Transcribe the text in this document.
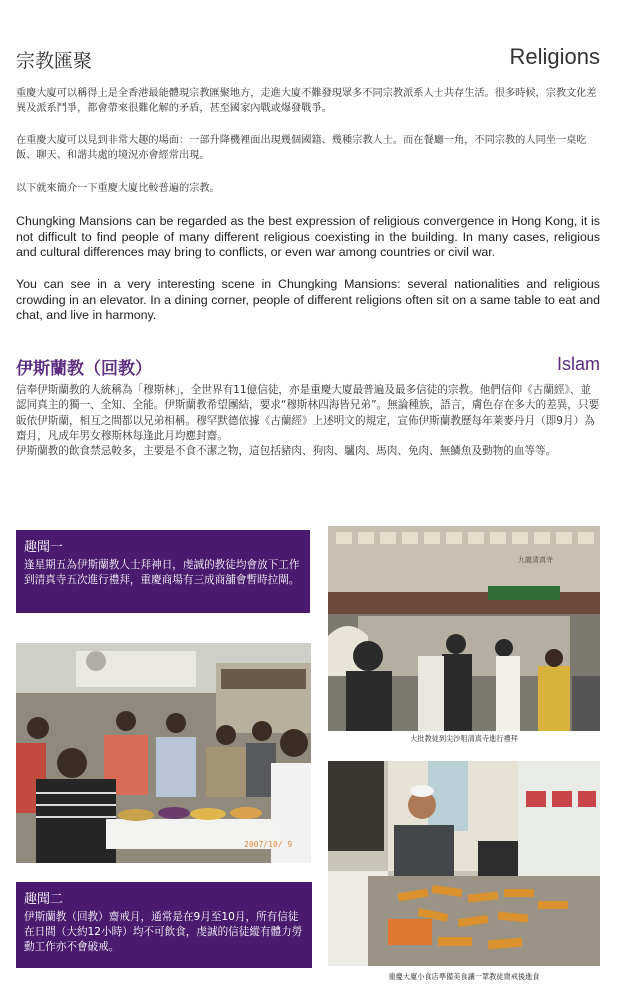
宗教匯聚	Religions

重慶大廈可以稱得上是全香港最能體現宗教匯聚地方，走進大廈不難發現眾多不同宗教派系人士共存生活。很多時候，宗教文化差異及派系鬥爭，都會帶來很難化解的矛盾，甚至國家內戰或爆發戰爭。

在重慶大廈可以見到非常大趣的場面：一部升降機裡面出現幾個國籍、幾種宗教人士。而在餐廳一角，不同宗教的人同坐一桌吃飯、聊天、和諧共處的境況亦會經常出現。

以下就來簡介一下重慶大廈比較普遍的宗教。

Chungking Mansions can be regarded as the best expression of religious convergence in Hong Kong, it is not difficult to find people of many different religious coexisting in the building. In many cases, religious and cultural differences may bring to conflicts, or even war among countries or civil war.

You can see in a very interesting scene in Chungking Mansions: several nationalities and religious crowding in an elevator. In a dining corner, people of different religions often sit on a same table to eat and chat, and live in harmony.

伊斯蘭教（回教）	Islam
信奉伊斯蘭教的人統稱為「穆斯林」，全世界有11億信徒，亦是重慶大廈最普遍及最多信徒的宗教。他們信仰《古蘭經》、並認同真主的獨一、全知、全能。伊斯蘭教希望團結，要求“穆斯林四海皆兄弟”。無論種族，語言，膚色存在多大的差異，只要皈依伊斯蘭，相互之間都以兄弟相稱。穆罕默德依據《古蘭經》上述明文的規定，宣佈伊斯蘭教歷每年莱麥丹月（即9月）為齋月，凡成年男女穆斯林每逢此月均應封齋。
伊斯蘭教的飲食禁忌較多，主要是不食不潔之物，這包括豬肉、狗肉、驢肉、馬肉、免肉、無鱗魚及動物的血等等。
趣聞一
逢星期五為伊斯蘭教人士拜神日，虔誠的教徒均會放下工作到清真寺五次進行禮拜，重慶商場有三成商舖會暫時拉閘。
九龍清真寺
大批教徒到尖沙咀清真寺進行禮拜
2007/10/ 9
重慶大廈小食店準備美食讓一眾教徒齋戒後進食
趣聞二
伊斯蘭教（回教）齋戒月，通常是在9月至10月，所有信徒在日間（大約12小時）均不可飲食，虔誠的信徒縱有體力勞動工作亦不會破戒。
